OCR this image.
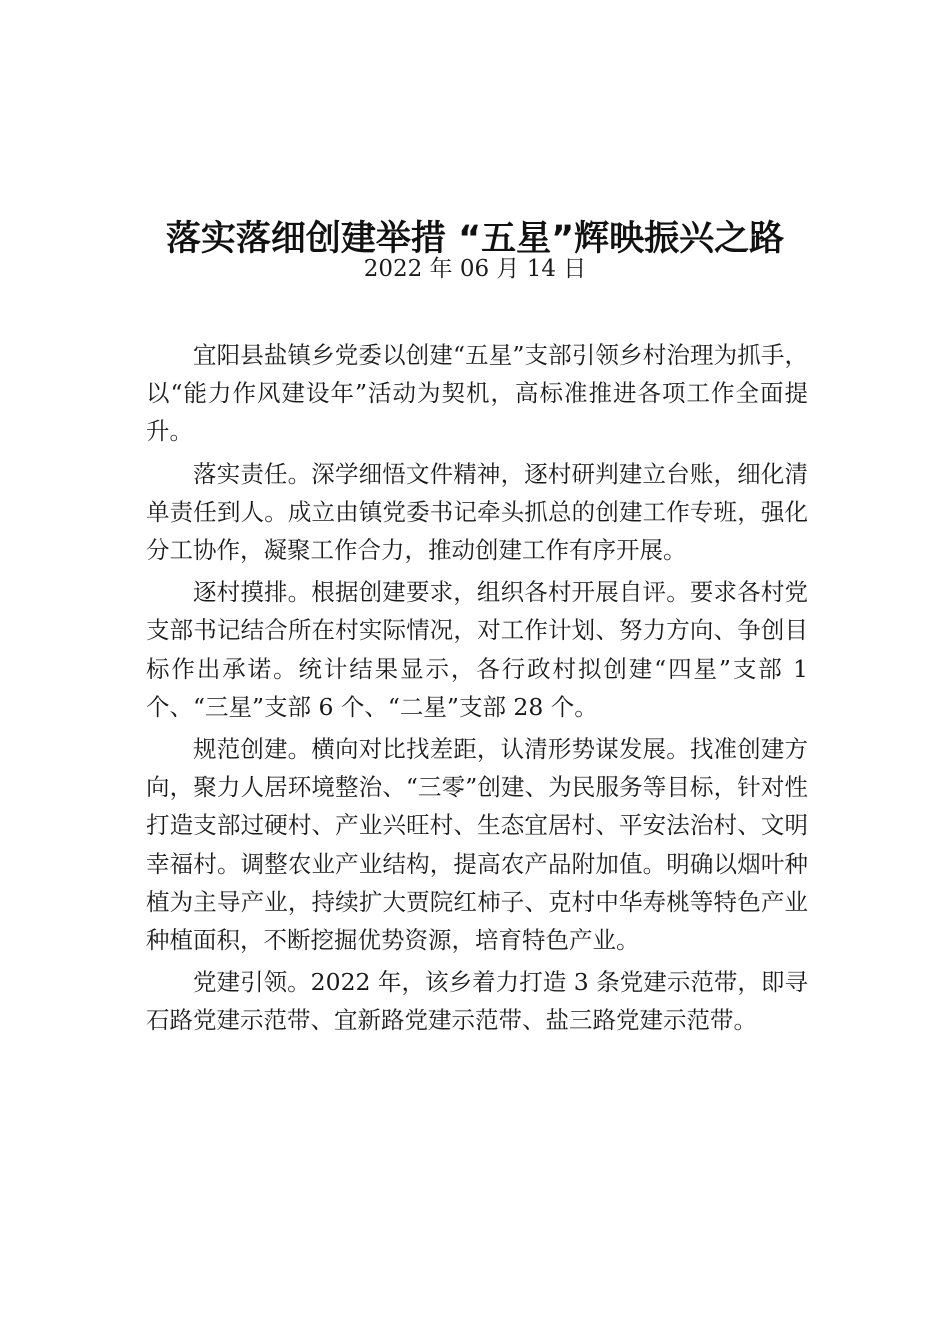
落实落细创建举措 “五星”辉映振兴之路
2022 年 06 月 14 日

宜阳县盐镇乡党委以创建“五星”支部引领乡村治理为抓手，以“能力作风建设年”活动为契机，高标准推进各项工作全面提升。

落实责任。深学细悟文件精神，逐村研判建立台账，细化清单责任到人。成立由镇党委书记牵头抓总的创建工作专班，强化分工协作，凝聚工作合力，推动创建工作有序开展。

逐村摸排。根据创建要求，组织各村开展自评。要求各村党支部书记结合所在村实际情况，对工作计划、努力方向、争创目标作出承诺。统计结果显示，各行政村拟创建“四星”支部 1 个、“三星”支部 6 个、“二星”支部 28 个。

规范创建。横向对比找差距，认清形势谋发展。找准创建方向，聚力人居环境整治、“三零”创建、为民服务等目标，针对性打造支部过硬村、产业兴旺村、生态宜居村、平安法治村、文明幸福村。调整农业产业结构，提高农产品附加值。明确以烟叶种植为主导产业，持续扩大贾院红柿子、克村中华寿桃等特色产业种植面积，不断挖掘优势资源，培育特色产业。

党建引领。2022 年，该乡着力打造 3 条党建示范带，即寻石路党建示范带、宜新路党建示范带、盐三路党建示范带。
